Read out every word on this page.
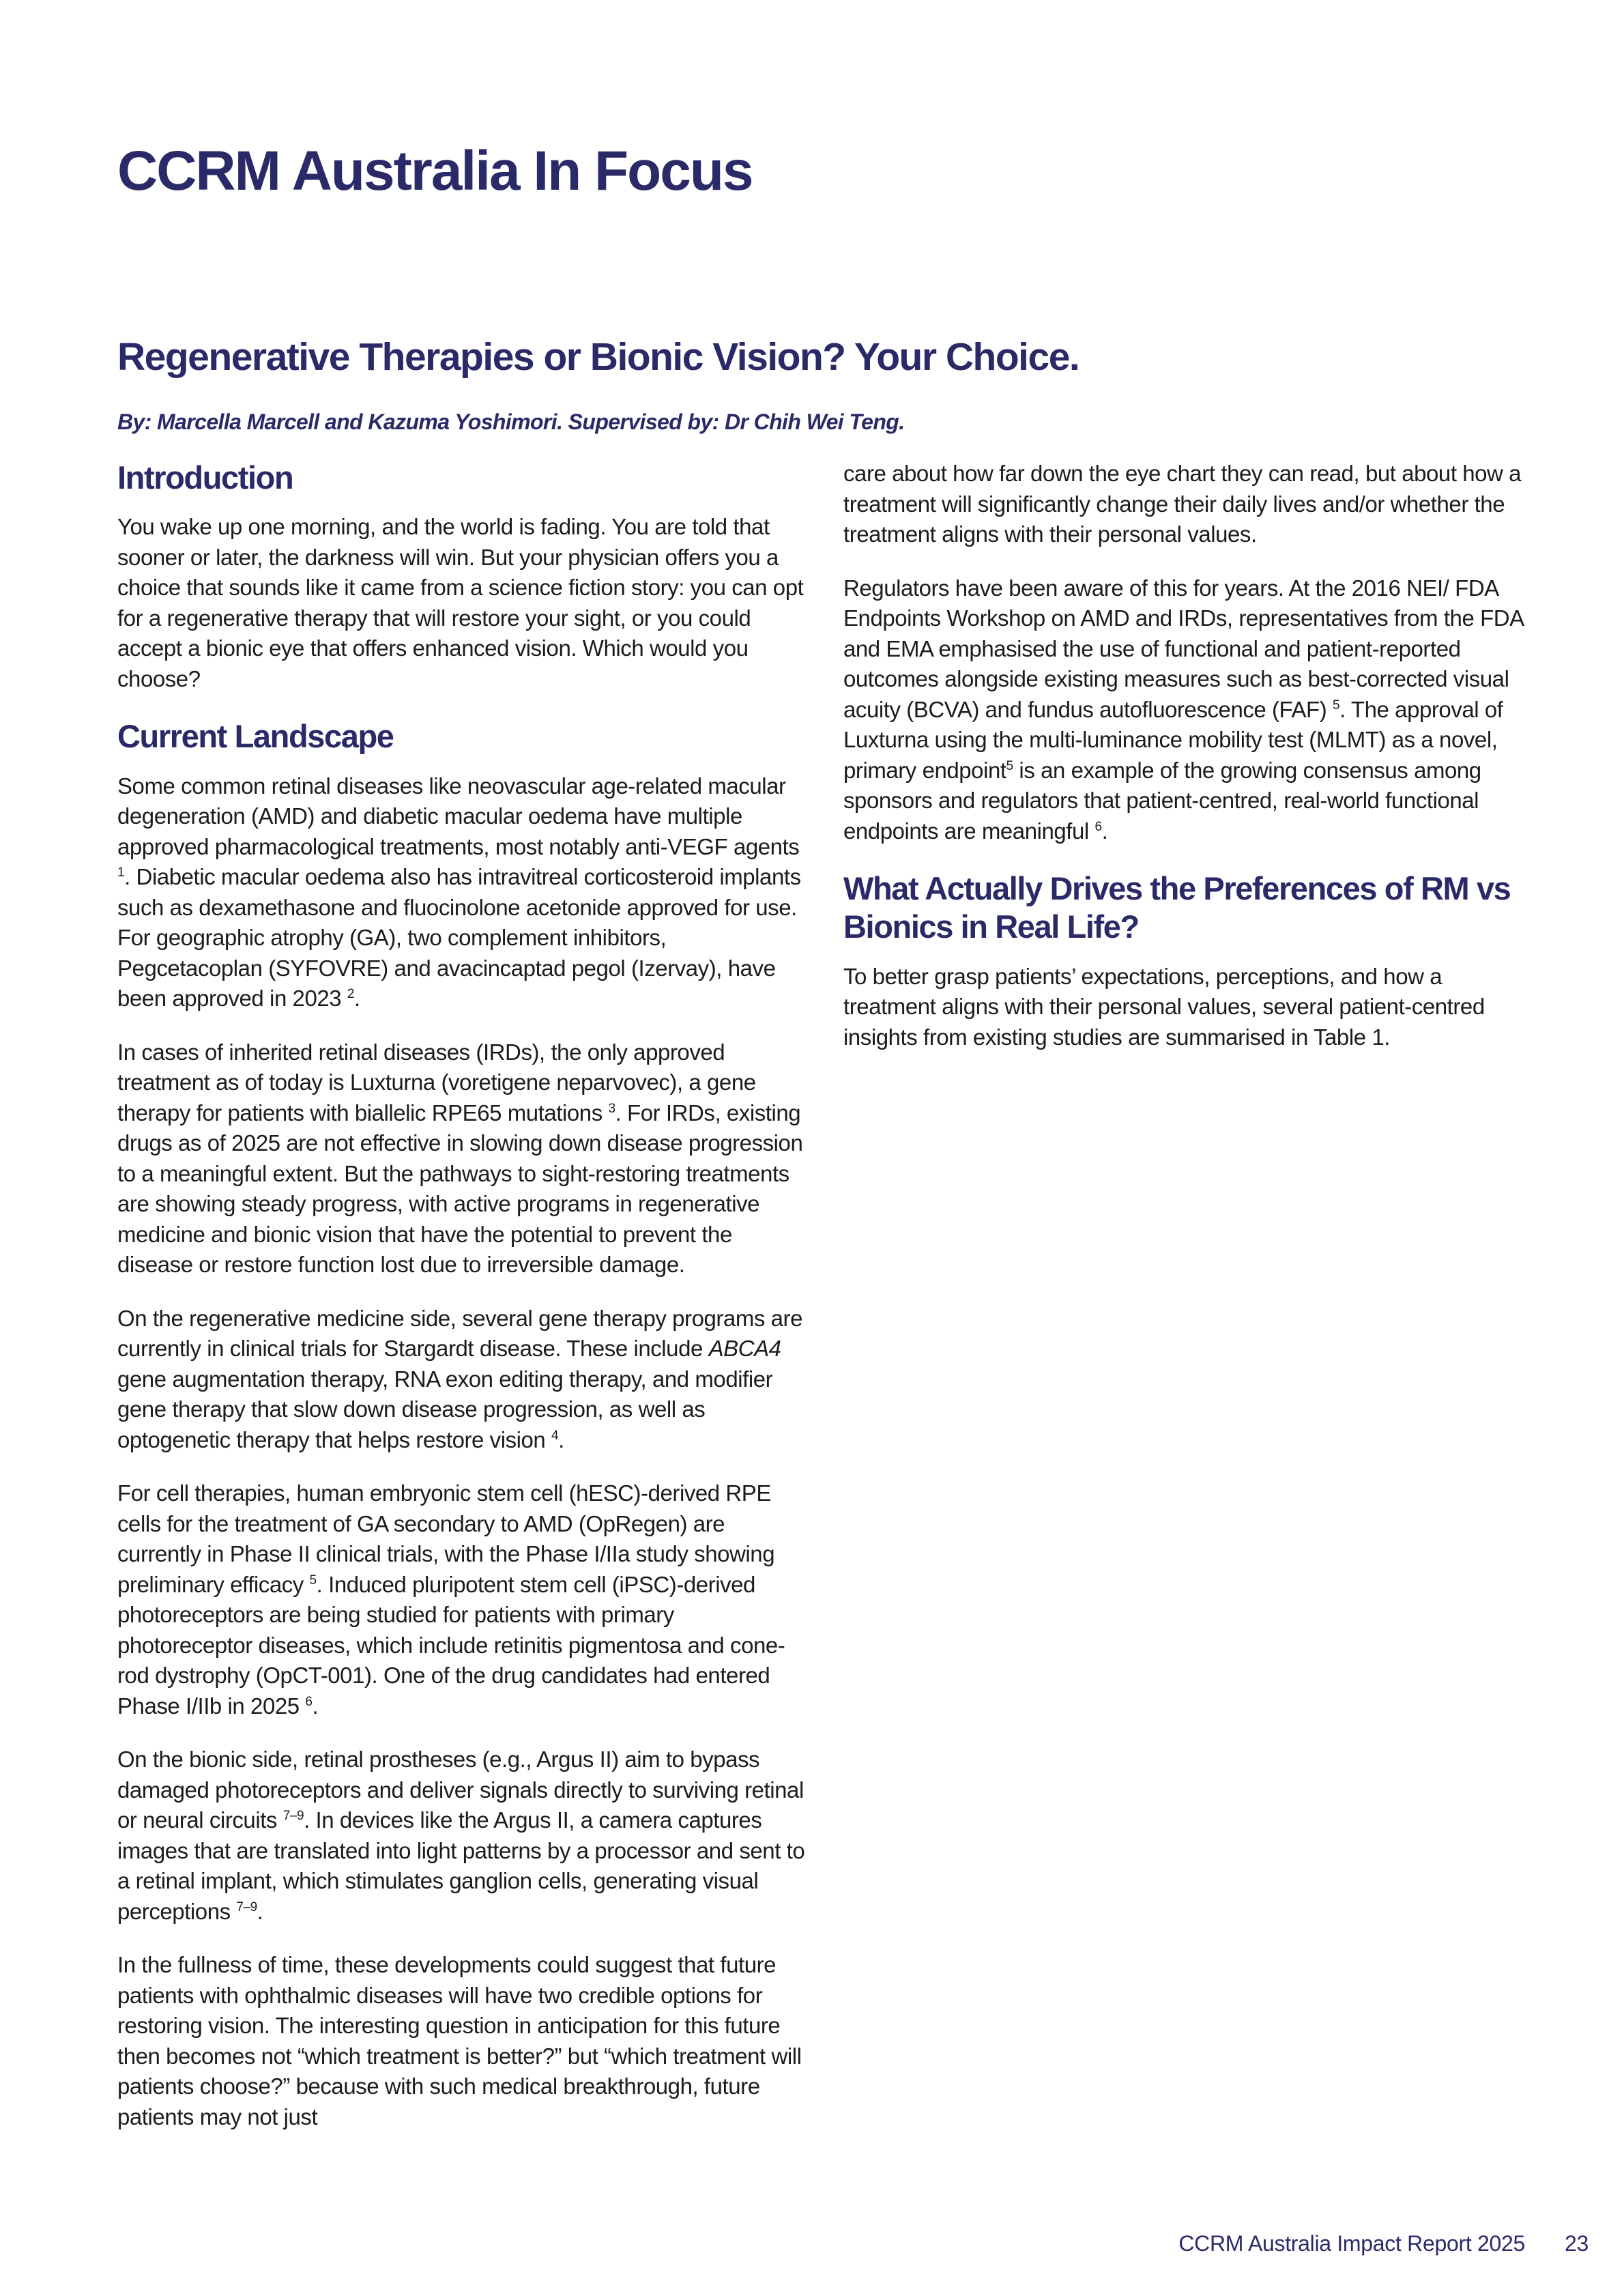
CCRM Australia In Focus
Regenerative Therapies or Bionic Vision? Your Choice.

By: Marcella Marcell and Kazuma Yoshimori. Supervised by: Dr Chih Wei Teng.

Introduction

You wake up one morning, and the world is fading. You are told that sooner or later, the darkness will win. But your physician offers you a choice that sounds like it came from a science fiction story: you can opt for a regenerative therapy that will restore your sight, or you could accept a bionic eye that offers enhanced vision. Which would you choose?

Current Landscape

Some common retinal diseases like neovascular age-related macular degeneration (AMD) and diabetic macular oedema have multiple approved pharmacological treatments, most notably anti-VEGF agents $^1$. Diabetic macular oedema also has intravitreal corticosteroid implants such as dexamethasone and fluocinolone acetonide approved for use. For geographic atrophy (GA), two complement inhibitors, Pegcetacoplan (SYFOVRE) and avacincaptad pegol (Izervay), have been approved in 2023 $^2$.

In cases of inherited retinal diseases (IRDs), the only approved treatment as of today is Luxturna (voretigene neparvovec), a gene therapy for patients with biallelic RPE65 mutations $^3$. For IRDs, existing drugs as of 2025 are not effective in slowing down disease progression to a meaningful extent. But the pathways to sight-restoring treatments are showing steady progress, with active programs in regenerative medicine and bionic vision that have the potential to prevent the disease or restore function lost due to irreversible damage.

On the regenerative medicine side, several gene therapy programs are currently in clinical trials for Stargardt disease. These include ABCA4 gene augmentation therapy, RNA exon editing therapy, and modifier gene therapy that slow down disease progression, as well as optogenetic therapy that helps restore vision $^4$.

For cell therapies, human embryonic stem cell (hESC)-derived RPE cells for the treatment of GA secondary to AMD (OpRegen) are currently in Phase II clinical trials, with the Phase I/IIa study showing preliminary efficacy $^5$. Induced pluripotent stem cell (iPSC)-derived photoreceptors are being studied for patients with primary photoreceptor diseases, which include retinitis pigmentosa and cone-rod dystrophy (OpCT-001). One of the drug candidates had entered Phase I/IIb in 2025 $^6$.

On the bionic side, retinal prostheses (e.g., Argus II) aim to bypass damaged photoreceptors and deliver signals directly to surviving retinal or neural circuits $^{7-9}$. In devices like the Argus II, a camera captures images that are translated into light patterns by a processor and sent to a retinal implant, which stimulates ganglion cells, generating visual perceptions $^{7-9}$.

In the fullness of time, these developments could suggest that future patients with ophthalmic diseases will have two credible options for restoring vision. The interesting question in anticipation for this future then becomes not “which treatment is better?” but “which treatment will patients choose?” because with such medical breakthrough, future patients may not just

care about how far down the eye chart they can read, but about how a treatment will significantly change their daily lives and/or whether the treatment aligns with their personal values.

Regulators have been aware of this for years. At the 2016 NEI/ FDA Endpoints Workshop on AMD and IRDs, representatives from the FDA and EMA emphasised the use of functional and patient-reported outcomes alongside existing measures such as best-corrected visual acuity (BCVA) and fundus autofluorescence (FAF) $^5$. The approval of Luxturna using the multi-luminance mobility test (MLMT) as a novel, primary endpoint$^5$ is an example of the growing consensus among sponsors and regulators that patient-centred, real-world functional endpoints are meaningful $^6$.

What Actually Drives the Preferences of RM vs Bionics in Real Life?

To better grasp patients’ expectations, perceptions, and how a treatment aligns with their personal values, several patient-centred insights from existing studies are summarised in Table 1.

CCRM Australia Impact Report 2025 23
